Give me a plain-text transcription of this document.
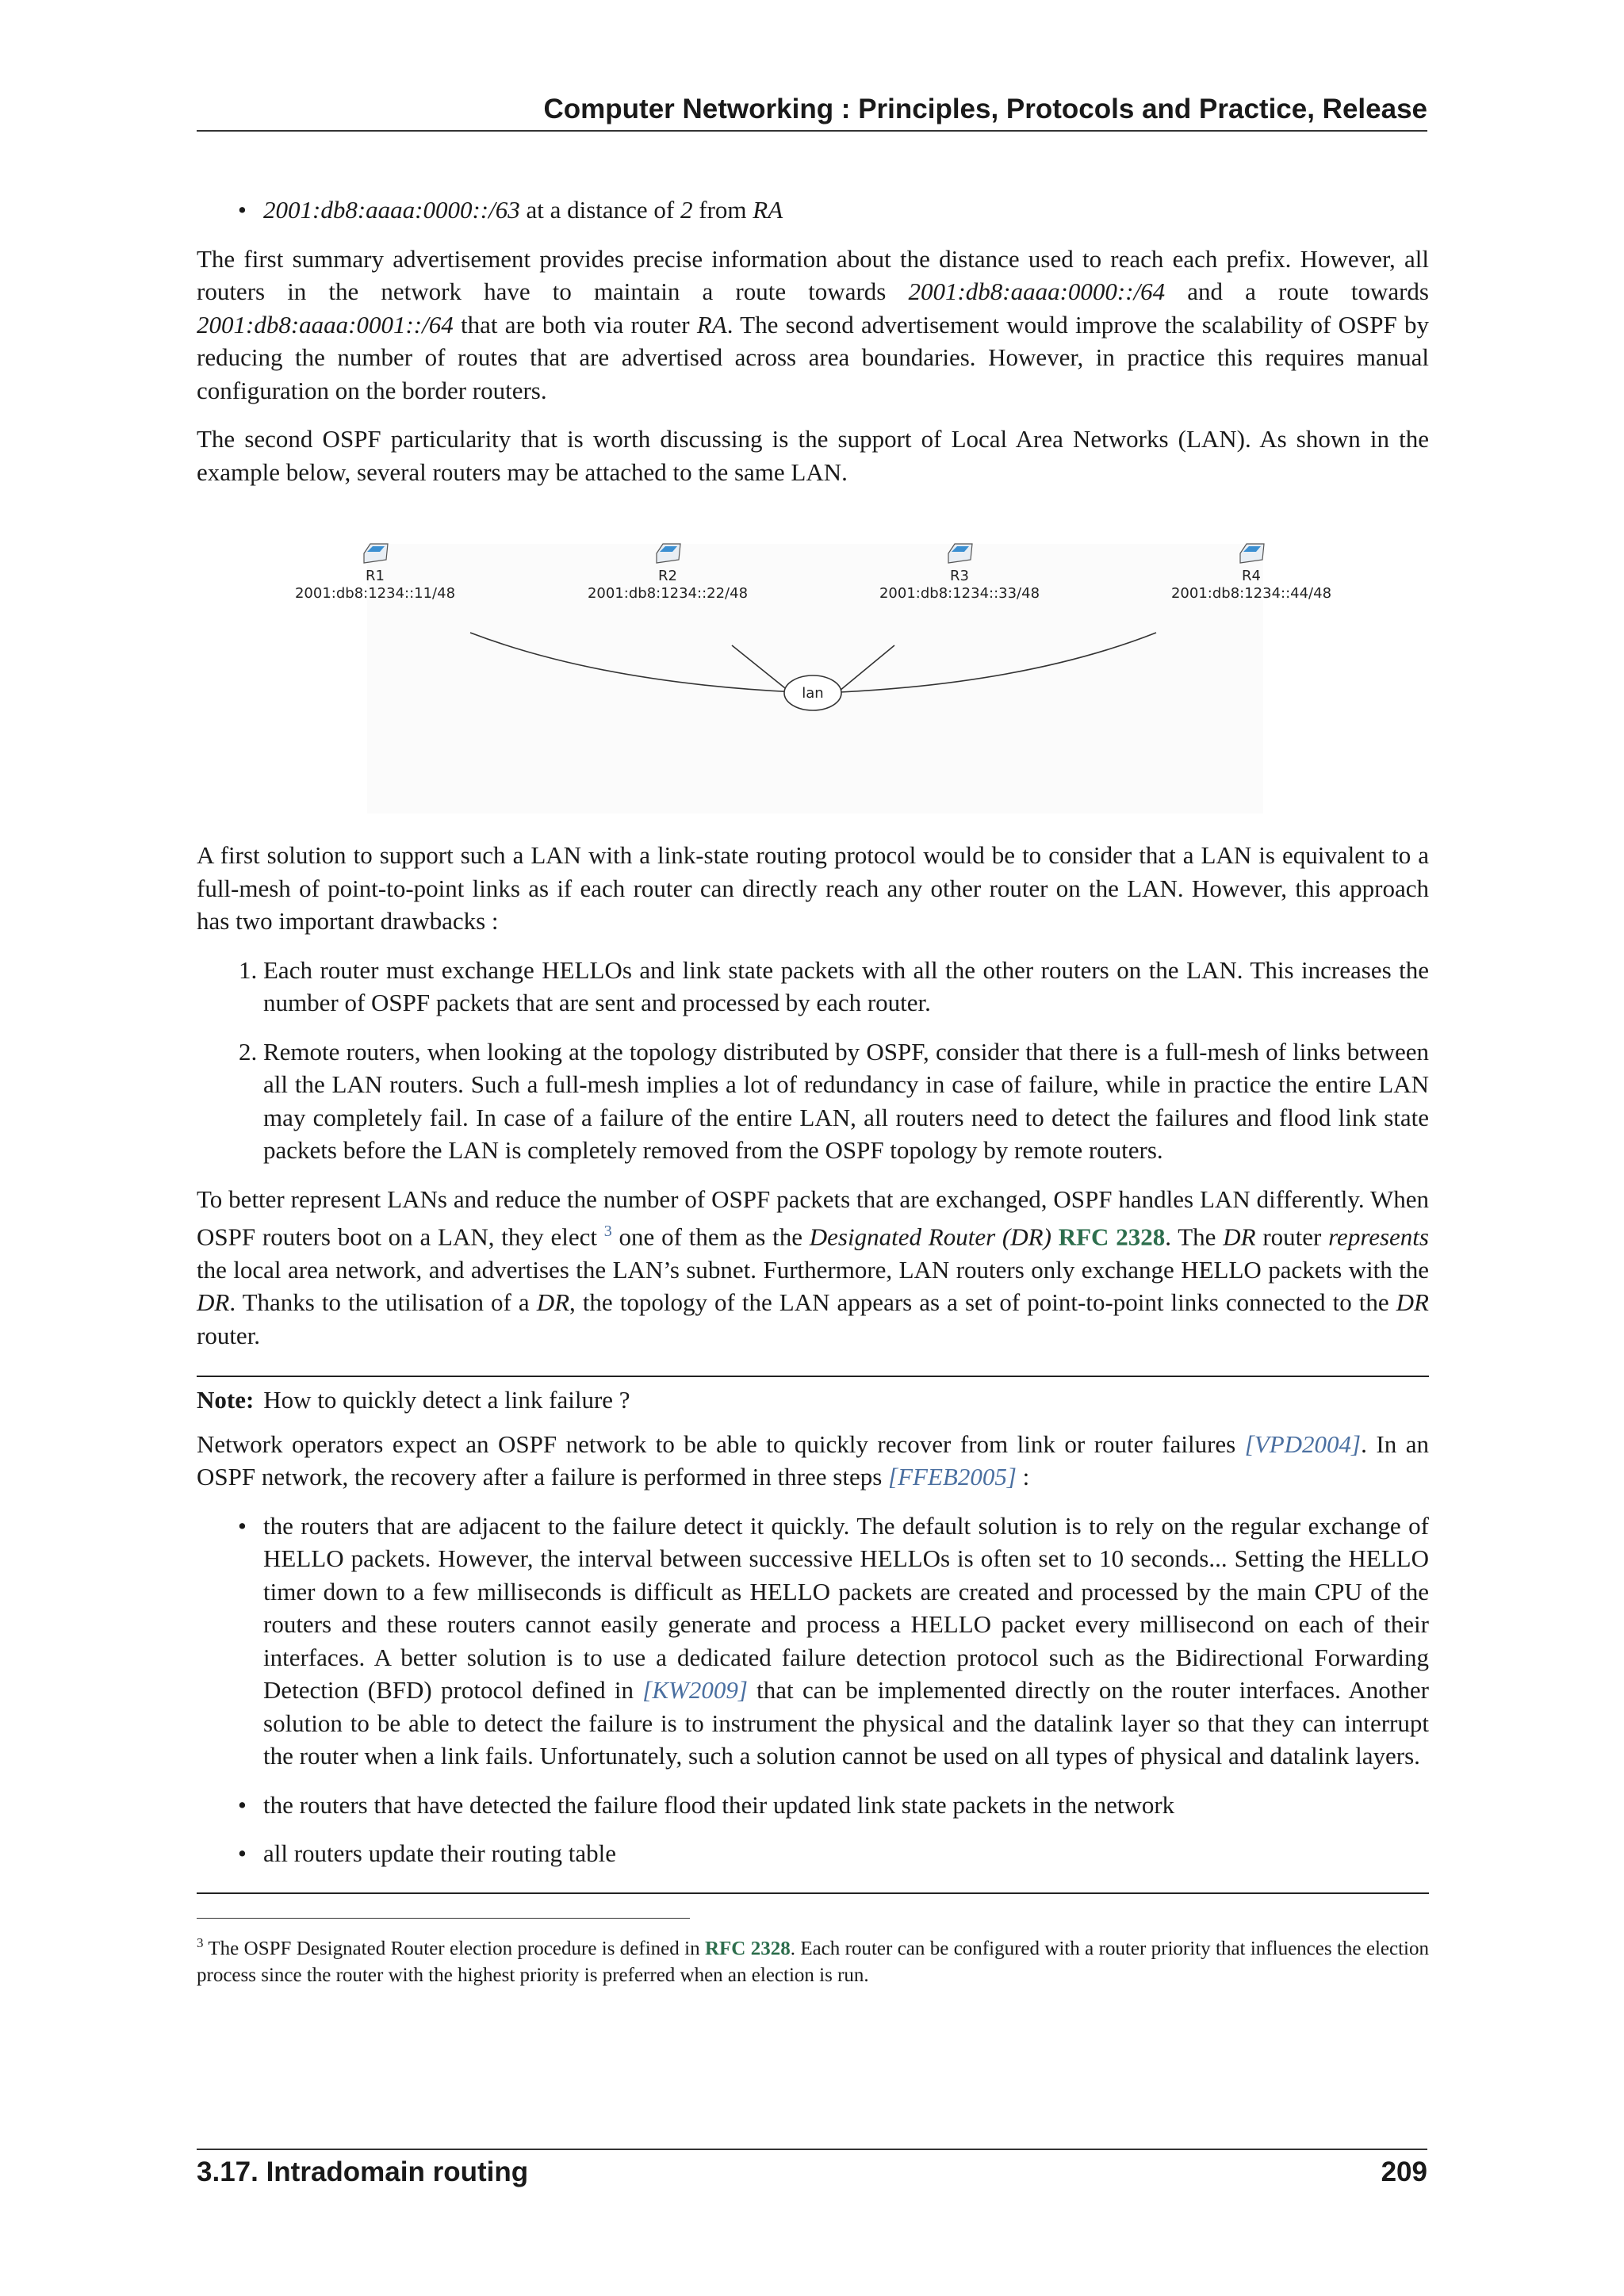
Computer Networking : Principles, Protocols and Practice, Release
• 2001:db8:aaaa:0000::/63 at a distance of 2 from RA

The first summary advertisement provides precise information about the distance used to reach each prefix. However, all routers in the network have to maintain a route towards 2001:db8:aaaa:0000::/64 and a route towards 2001:db8:aaaa:0001::/64 that are both via router RA. The second advertisement would improve the scalability of OSPF by reducing the number of routes that are advertised across area boundaries. However, in practice this requires manual configuration on the border routers.

The second OSPF particularity that is worth discussing is the support of Local Area Networks (LAN). As shown in the example below, several routers may be attached to the same LAN.

lan
R1
2001:db8:1234::11/48
R2
2001:db8:1234::22/48
R3
2001:db8:1234::33/48
R4
2001:db8:1234::44/48

A first solution to support such a LAN with a link-state routing protocol would be to consider that a LAN is equivalent to a full-mesh of point-to-point links as if each router can directly reach any other router on the LAN. However, this approach has two important drawbacks :

1. Each router must exchange HELLOs and link state packets with all the other routers on the LAN. This increases the number of OSPF packets that are sent and processed by each router.
2. Remote routers, when looking at the topology distributed by OSPF, consider that there is a full-mesh of links between all the LAN routers. Such a full-mesh implies a lot of redundancy in case of failure, while in practice the entire LAN may completely fail. In case of a failure of the entire LAN, all routers need to detect the failures and flood link state packets before the LAN is completely removed from the OSPF topology by remote routers.

To better represent LANs and reduce the number of OSPF packets that are exchanged, OSPF handles LAN differently. When OSPF routers boot on a LAN, they elect $^3$ one of them as the Designated Router (DR) RFC 2328. The DR router represents the local area network, and advertises the LAN’s subnet. Furthermore, LAN routers only exchange HELLO packets with the DR. Thanks to the utilisation of a DR, the topology of the LAN appears as a set of point-to-point links connected to the DR router.

Note: How to quickly detect a link failure ?

Network operators expect an OSPF network to be able to quickly recover from link or router failures [VPD2004]. In an OSPF network, the recovery after a failure is performed in three steps [FFEB2005] :

• the routers that are adjacent to the failure detect it quickly. The default solution is to rely on the regular exchange of HELLO packets. However, the interval between successive HELLOs is often set to 10 seconds... Setting the HELLO timer down to a few milliseconds is difficult as HELLO packets are created and processed by the main CPU of the routers and these routers cannot easily generate and process a HELLO packet every millisecond on each of their interfaces. A better solution is to use a dedicated failure detection protocol such as the Bidirectional Forwarding Detection (BFD) protocol defined in [KW2009] that can be implemented directly on the router interfaces. Another solution to be able to detect the failure is to instrument the physical and the datalink layer so that they can interrupt the router when a link fails. Unfortunately, such a solution cannot be used on all types of physical and datalink layers.
• the routers that have detected the failure flood their updated link state packets in the network
• all routers update their routing table

$^3$ The OSPF Designated Router election procedure is defined in RFC 2328. Each router can be configured with a router priority that influences the election process since the router with the highest priority is preferred when an election is run.

3.17. Intradomain routing	209
